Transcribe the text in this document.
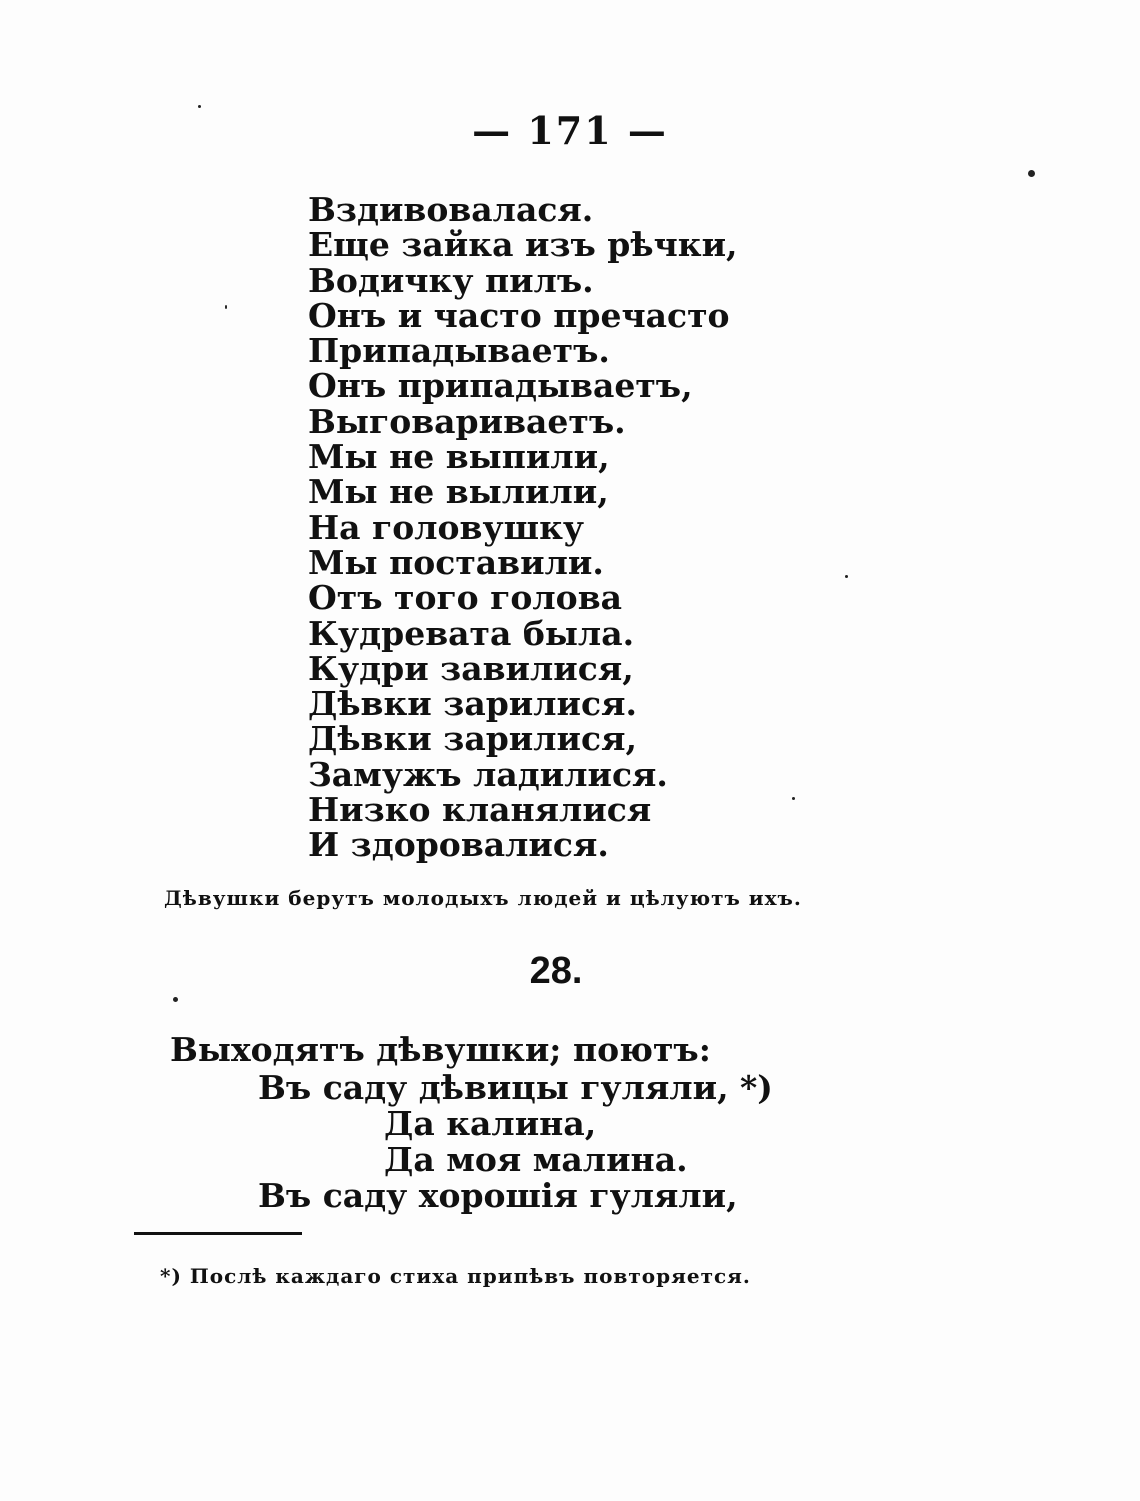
— 171 —
Вздивовалася.
Еще зайка изъ рѣчки,
Водичку пилъ.
Онъ и часто пречасто
Припадываетъ.
Онъ припадываетъ,
Выговариваетъ.
Мы не выпили,
Мы не вылили,
На головушку
Мы поставили.
Отъ того голова
Кудревата была.
Кудри завилися,
Дѣвки зарилися.
Дѣвки зарилися,
Замужъ ладилися.
Низко кланялися
И здоровалися.
Дѣвушки берутъ молодыхъ людей и цѣлуютъ ихъ.
28.
Выходятъ дѣвушки; поютъ:
Въ саду дѣвицы гуляли, *)
Да калина,
Да моя малина.
Въ саду хорошія гуляли,
*) Послѣ каждаго стиха припѣвъ повторяется.
